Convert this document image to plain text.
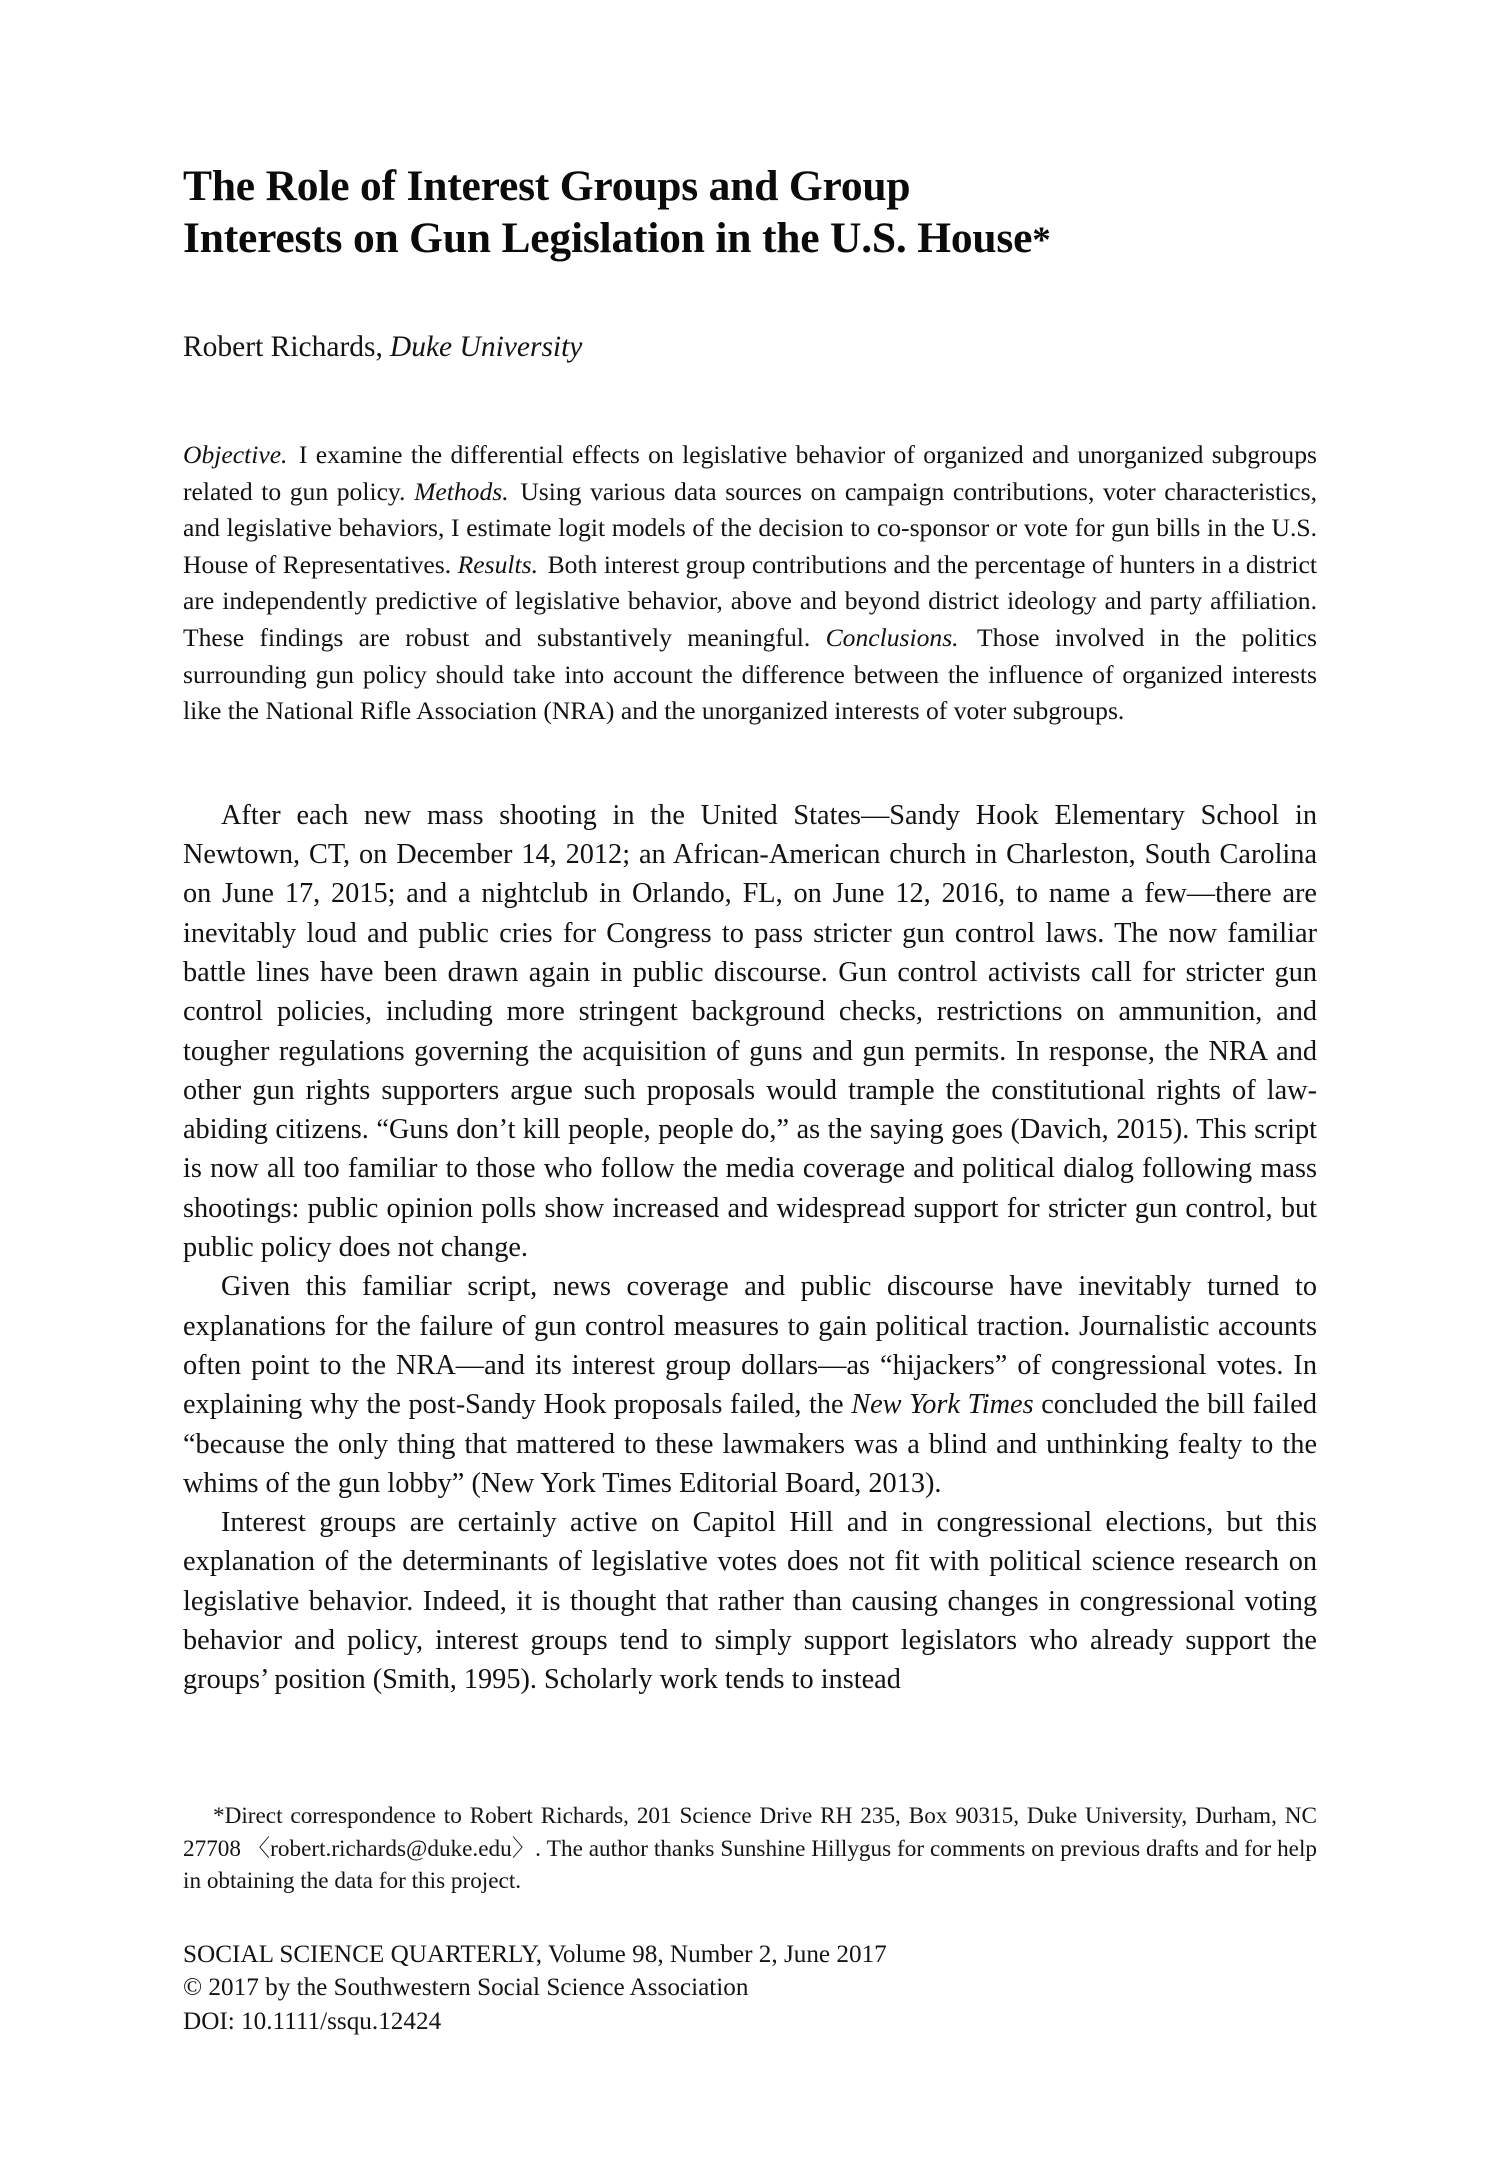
The Role of Interest Groups and Group
Interests on Gun Legislation in the U.S. House*
Robert Richards, Duke University
Objective. I examine the differential effects on legislative behavior of organized and unorganized subgroups related to gun policy. Methods. Using various data sources on campaign contributions, voter characteristics, and legislative behaviors, I estimate logit models of the decision to co-sponsor or vote for gun bills in the U.S. House of Representatives. Results. Both interest group contributions and the percentage of hunters in a district are independently predictive of legislative behavior, above and beyond district ideology and party affiliation. These findings are robust and substantively meaningful. Conclusions. Those involved in the politics surrounding gun policy should take into account the difference between the influence of organized interests like the National Rifle Association (NRA) and the unorganized interests of voter subgroups.

After each new mass shooting in the United States—Sandy Hook Elementary School in Newtown, CT, on December 14, 2012; an African-American church in Charleston, South Carolina on June 17, 2015; and a nightclub in Orlando, FL, on June 12, 2016, to name a few—there are inevitably loud and public cries for Congress to pass stricter gun control laws. The now familiar battle lines have been drawn again in public discourse. Gun control activists call for stricter gun control policies, including more stringent background checks, restrictions on ammunition, and tougher regulations governing the acquisition of guns and gun permits. In response, the NRA and other gun rights supporters argue such proposals would trample the constitutional rights of law-abiding citizens. “Guns don’t kill people, people do,” as the saying goes (Davich, 2015). This script is now all too familiar to those who follow the media coverage and political dialog following mass shootings: public opinion polls show increased and widespread support for stricter gun control, but public policy does not change.

Given this familiar script, news coverage and public discourse have inevitably turned to explanations for the failure of gun control measures to gain political traction. Journalistic accounts often point to the NRA—and its interest group dollars—as “hijackers” of congressional votes. In explaining why the post-Sandy Hook proposals failed, the New York Times concluded the bill failed “because the only thing that mattered to these lawmakers was a blind and unthinking fealty to the whims of the gun lobby” (New York Times Editorial Board, 2013).

Interest groups are certainly active on Capitol Hill and in congressional elections, but this explanation of the determinants of legislative votes does not fit with political science research on legislative behavior. Indeed, it is thought that rather than causing changes in congressional voting behavior and policy, interest groups tend to simply support legislators who already support the groups’ position (Smith, 1995). Scholarly work tends to instead

*Direct correspondence to Robert Richards, 201 Science Drive RH 235, Box 90315, Duke University, Durham, NC 27708 〈robert.richards@duke.edu〉. The author thanks Sunshine Hillygus for comments on previous drafts and for help in obtaining the data for this project.

SOCIAL SCIENCE QUARTERLY, Volume 98, Number 2, June 2017
© 2017 by the Southwestern Social Science Association
DOI: 10.1111/ssqu.12424
